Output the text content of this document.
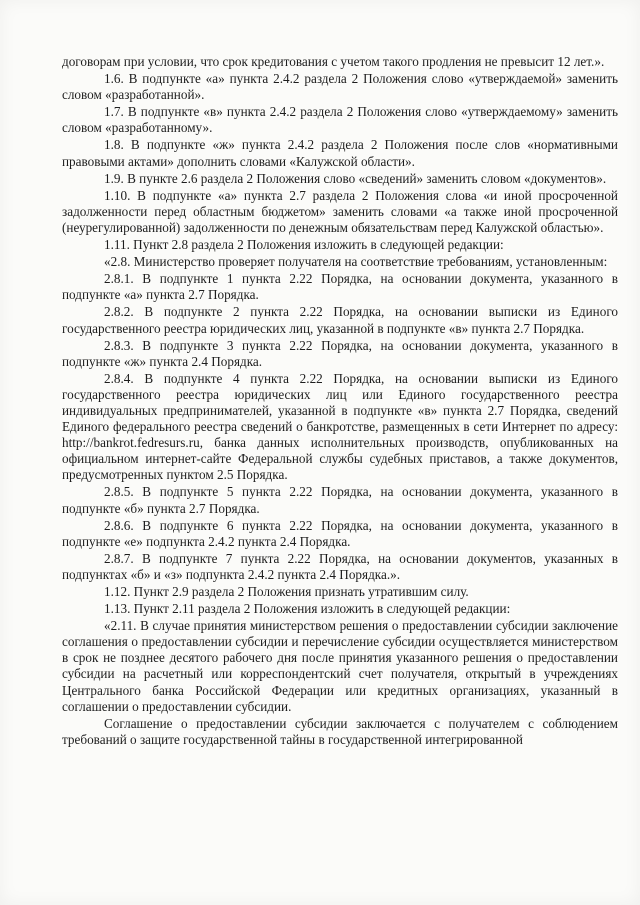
договорам при условии, что срок кредитования с учетом такого продления не превысит 12 лет.».
1.6. В подпункте «а» пункта 2.4.2 раздела 2 Положения слово «утверждаемой» заменить словом «разработанной».
1.7. В подпункте «в» пункта 2.4.2 раздела 2 Положения слово «утверждаемому» заменить словом «разработанному».
1.8. В подпункте «ж» пункта 2.4.2 раздела 2 Положения после слов «нормативными правовыми актами» дополнить словами «Калужской области».
1.9. В пункте 2.6 раздела 2 Положения слово «сведений» заменить словом «документов».
1.10. В подпункте «а» пункта 2.7 раздела 2 Положения слова «и иной просроченной задолженности перед областным бюджетом» заменить словами «а также иной просроченной (неурегулированной) задолженности по денежным обязательствам перед Калужской областью».
1.11. Пункт 2.8 раздела 2 Положения изложить в следующей редакции:
«2.8. Министерство проверяет получателя на соответствие требованиям, установленным:
2.8.1. В подпункте 1 пункта 2.22 Порядка, на основании документа, указанного в подпункте «а» пункта 2.7 Порядка.
2.8.2. В подпункте 2 пункта 2.22 Порядка, на основании выписки из Единого государственного реестра юридических лиц, указанной в подпункте «в» пункта 2.7 Порядка.
2.8.3. В подпункте 3 пункта 2.22 Порядка, на основании документа, указанного в подпункте «ж» пункта 2.4 Порядка.
2.8.4. В подпункте 4 пункта 2.22 Порядка, на основании выписки из Единого государственного реестра юридических лиц или Единого государственного реестра индивидуальных предпринимателей, указанной в подпункте «в» пункта 2.7 Порядка, сведений Единого федерального реестра сведений о банкротстве, размещенных в сети Интернет по адресу: http://bankrot.fedresurs.ru, банка данных исполнительных производств, опубликованных на официальном интернет-сайте Федеральной службы судебных приставов, а также документов, предусмотренных пунктом 2.5 Порядка.
2.8.5. В подпункте 5 пункта 2.22 Порядка, на основании документа, указанного в подпункте «б» пункта 2.7 Порядка.
2.8.6. В подпункте 6 пункта 2.22 Порядка, на основании документа, указанного в подпункте «е» подпункта 2.4.2 пункта 2.4 Порядка.
2.8.7. В подпункте 7 пункта 2.22 Порядка, на основании документов, указанных в подпунктах «б» и «з» подпункта 2.4.2 пункта 2.4 Порядка.».
1.12. Пункт 2.9 раздела 2 Положения признать утратившим силу.
1.13. Пункт 2.11 раздела 2 Положения изложить в следующей редакции:
«2.11. В случае принятия министерством решения о предоставлении субсидии заключение соглашения о предоставлении субсидии и перечисление субсидии осуществляется министерством в срок не позднее десятого рабочего дня после принятия указанного решения о предоставлении субсидии на расчетный или корреспондентский счет получателя, открытый в учреждениях Центрального банка Российской Федерации или кредитных организациях, указанный в соглашении о предоставлении субсидии.
Соглашение о предоставлении субсидии заключается с получателем с соблюдением требований о защите государственной тайны в государственной интегрированной
